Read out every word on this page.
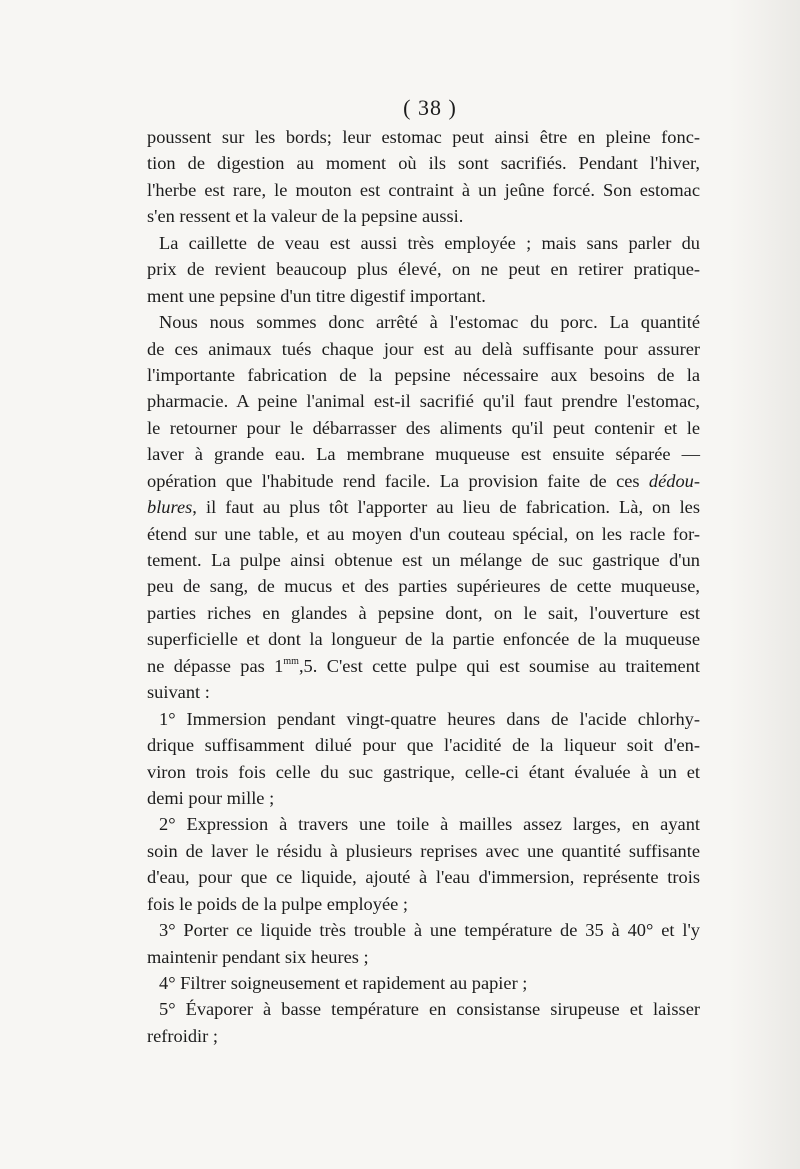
( 38 )
poussent sur les bords; leur estomac peut ainsi être en pleine fonc-
tion de digestion au moment où ils sont sacrifiés. Pendant l'hiver,
l'herbe est rare, le mouton est contraint à un jeûne forcé. Son estomac
s'en ressent et la valeur de la pepsine aussi.
La caillette de veau est aussi très employée ; mais sans parler du
prix de revient beaucoup plus élevé, on ne peut en retirer pratique-
ment une pepsine d'un titre digestif important.
Nous nous sommes donc arrêté à l'estomac du porc. La quantité
de ces animaux tués chaque jour est au delà suffisante pour assurer
l'importante fabrication de la pepsine nécessaire aux besoins de la
pharmacie. A peine l'animal est-il sacrifié qu'il faut prendre l'estomac,
le retourner pour le débarrasser des aliments qu'il peut contenir et le
laver à grande eau. La membrane muqueuse est ensuite séparée —
opération que l'habitude rend facile. La provision faite de ces dédou-
blures, il faut au plus tôt l'apporter au lieu de fabrication. Là, on les
étend sur une table, et au moyen d'un couteau spécial, on les racle for-
tement. La pulpe ainsi obtenue est un mélange de suc gastrique d'un
peu de sang, de mucus et des parties supérieures de cette muqueuse,
parties riches en glandes à pepsine dont, on le sait, l'ouverture est
superficielle et dont la longueur de la partie enfoncée de la muqueuse
ne dépasse pas $1^{mm},5$. C'est cette pulpe qui est soumise au traitement
suivant :
1° Immersion pendant vingt-quatre heures dans de l'acide chlorhy-
drique suffisamment dilué pour que l'acidité de la liqueur soit d'en-
viron trois fois celle du suc gastrique, celle-ci étant évaluée à un et
demi pour mille ;
2° Expression à travers une toile à mailles assez larges, en ayant
soin de laver le résidu à plusieurs reprises avec une quantité suffisante
d'eau, pour que ce liquide, ajouté à l'eau d'immersion, représente trois
fois le poids de la pulpe employée ;
3° Porter ce liquide très trouble à une température de 35 à 40° et l'y
maintenir pendant six heures ;
4° Filtrer soigneusement et rapidement au papier ;
5° Évaporer à basse température en consistanse sirupeuse et laisser
refroidir ;
